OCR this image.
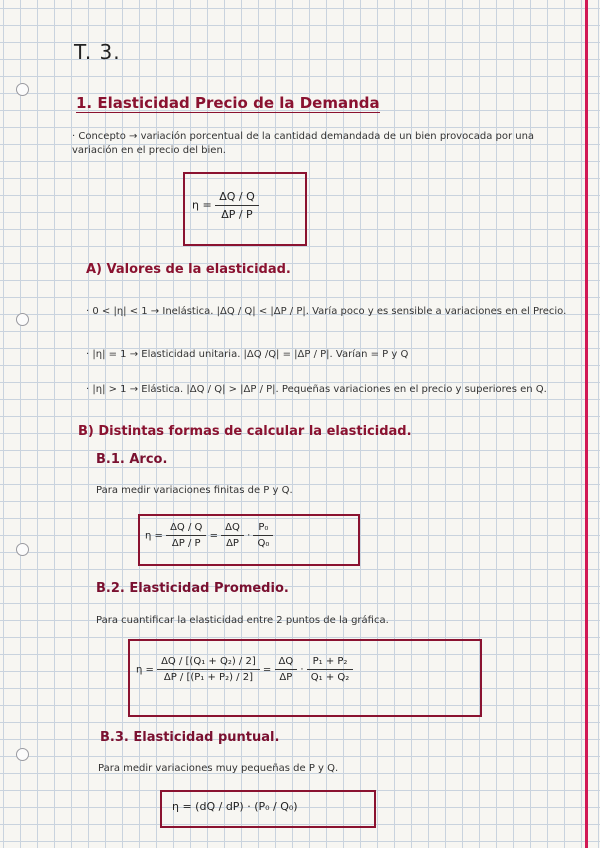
T. 3.
1. Elasticidad Precio de la Demanda
· Concepto → variación porcentual de la cantidad demandada de un bien provocada por una variación en el precio del bien.
$\eta = \frac{\Delta Q / Q}{\Delta P / P}$
A) Valores de la elasticidad.
· 0 < |η| < 1 → Inelástica. |ΔQ / Q| < |ΔP / P|. Varía poco y es sensible a variaciones en el Precio.
· |η| = 1 → Elasticidad unitaria. |ΔQ /Q| = |ΔP / P|. Varían = P y Q
· |η| > 1 → Elástica. |ΔQ / Q| > |ΔP / P|. Pequeñas variaciones en el precio y superiores en Q.
B) Distintas formas de calcular la elasticidad.
B.1. Arco.
Para medir variaciones finitas de P y Q.
$\eta = \frac{\Delta Q / Q}{\Delta P / P} = \frac{\Delta Q}{\Delta P} \cdot \frac{\text{P₀}}{\text{Q₀}}$
B.2. Elasticidad Promedio.
Para cuantificar la elasticidad entre 2 puntos de la gráfica.
$\eta = \frac{\text{ΔQ / [(Q₁ + Q₂) / 2]}}{\text{ΔP / [(P₁ + P₂) / 2]}} = \frac{\Delta Q}{\Delta P} \cdot \frac{\text{P₁ + P₂}}{\text{Q₁ + Q₂}}$
B.3. Elasticidad puntual.
Para medir variaciones muy pequeñas de P y Q.
η = (dQ / dP) · (P₀ / Q₀)
